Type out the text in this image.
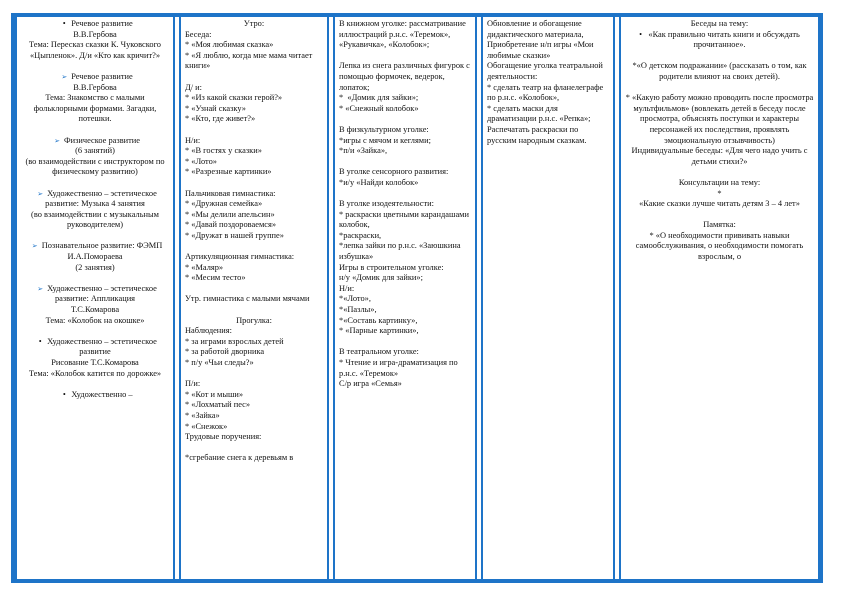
• Речевое развитие

В.В.Гербова

Тема: Пересказ сказки К. Чуковского «Цыпленок». Д/и «Кто как кричит?»

➢ Речевое развитие

В.В.Гербова

Тема: Знакомство с малыми фольклорными формами. Загадки, потешки.

➢ Физическое развитие

(6 занятий)

(во взаимодействии с инструктором по физическому развитию)

➢ Художественно – эстетическое развитие: Музыка 4 занятия

(во взаимодействии с музыкальным руководителем)

➢ Познавательное развитие: ФЭМП

И.А.Помораева

(2 занятия)

➢ Художественно – эстетическое развитие: Аппликация

Т.С.Комарова

Тема: «Колобок на окошке»

• Художественно – эстетическое развитие

Рисование Т.С.Комарова

Тема: «Колобок катится по дорожке»

• Художественно –

Утро:

Беседа:

* «Моя любимая сказка»

* «Я люблю, когда мне мама читает книги»

Д/ и:

* «Из какой сказки герой?»

* «Узнай сказку»

* «Кто, где живет?»

Н/и:

* «В гостях у сказки»

* «Лото»

* «Разрезные картинки»

Пальчиковая гимнастика:

* «Дружная семейка»

* «Мы делили апельсин»

* «Давай поздороваемся»

* «Дружат в нашей группе»

Артикуляционная гимнастика:

* «Маляр»

* «Месим тесто»

Утр. гимнастика с малыми мячами

Прогулка:

Наблюдения:

* за играми взрослых детей

* за работой дворника

* п/у «Чьи следы?»

П/и:

* «Кот и мыши»

* «Лохматый пес»

* «Зайка»

* «Снежок»

Трудовые поручения:

*сгребание снега к деревьям в

В книжном уголке: рассматривание иллюстраций р.н.с. «Теремок», «Рукавичка», «Колобок»;

Лепка из снега различных фигурок с помощью формочек, ведерок, лопаток;

*  «Домик для зайки»;

* «Снежный колобок»

В физкультурном уголке:

*игры с мячом и кеглями;

*п/и «Зайка»,

В уголке сенсорного развития:

*и/у «Найди колобок»

В уголке изодеятельности:

* раскраски цветными карандашами колобок,

*раскраски,

*лепка зайки по р.н.с. «Заюшкина избушка»

Игры в строительном уголке:

н/у «Домик для зайки»;

Н/и:

*«Лото»,

*«Пазлы»,

*«Составь картинку»,

* «Парные картинки»,

В театральном уголке:

* Чтение и игра-драматизация по р.н.с. «Теремок»

С/р игра «Семья»

Обновление и обогащение дидактического материала,

Приобретение н/п игры «Мои любимые сказки»

Обогащение уголка театральной деятельности:

* сделать театр на фланелеграфе по р.н.с. «Колобок»,

* сделать маски для драматизации р.н.с. «Репка»;

Распечатать раскраски по русским народным сказкам.

Беседы на тему:

•   «Как правильно читать книги и обсуждать прочитанное».

*«О детском подражании» (рассказать о том, как родители влияют на своих детей).

* «Какую работу можно проводить после просмотра мультфильмов» (вовлекать детей в беседу после просмотра, объяснять поступки и характеры персонажей их последствия, проявлять эмоциональную отзывчивость)

Индивидуальные беседы: «Для чего надо учить с детьми стихи?»

Консультации на тему:

*

«Какие сказки лучше читать детям 3 – 4 лет»

Памятка:

* «О необходимости прививать навыки самообслуживания, о необходимости помогать взрослым, о
